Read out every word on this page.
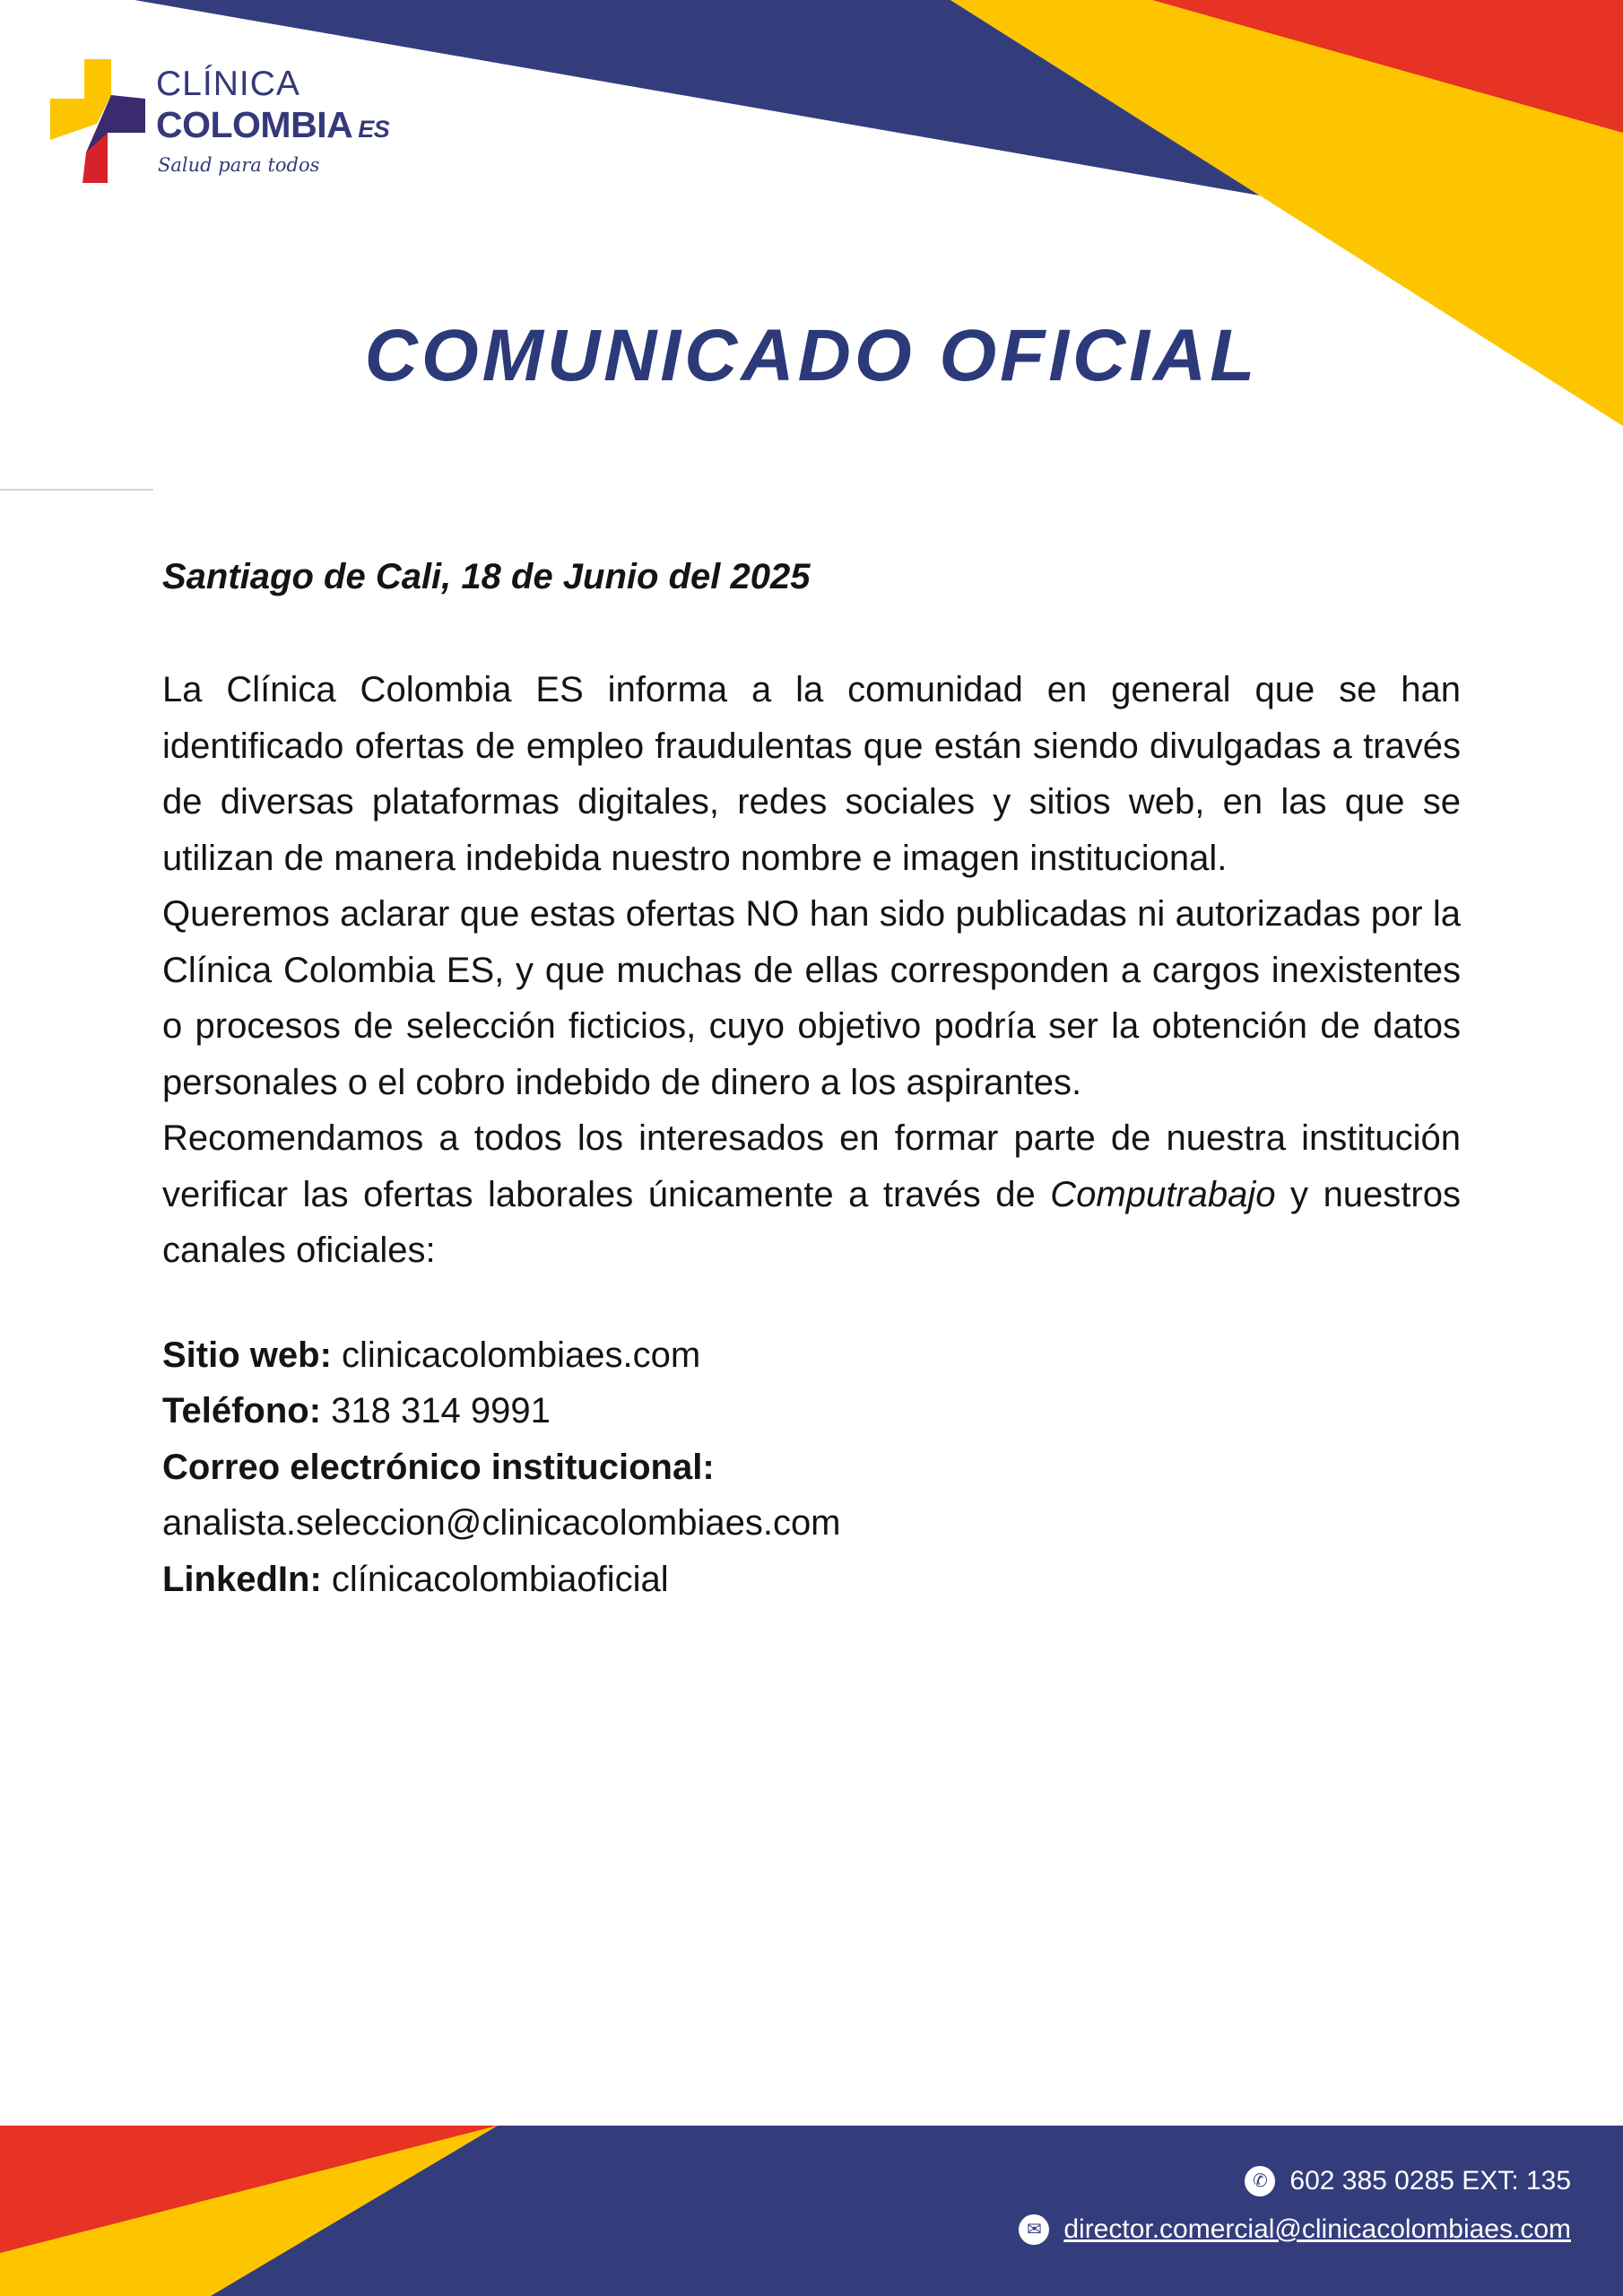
CLÍNICA
COLOMBIA ES
Salud para todos
COMUNICADO OFICIAL

Santiago de Cali, 18 de Junio del 2025

La Clínica Colombia ES informa a la comunidad en general que se han identificado ofertas de empleo fraudulentas que están siendo divulgadas a través de diversas plataformas digitales, redes sociales y sitios web, en las que se utilizan de manera indebida nuestro nombre e imagen institucional.

Queremos aclarar que estas ofertas NO han sido publicadas ni autorizadas por la Clínica Colombia ES, y que muchas de ellas corresponden a cargos inexistentes o procesos de selección ficticios, cuyo objetivo podría ser la obtención de datos personales o el cobro indebido de dinero a los aspirantes.

Recomendamos a todos los interesados en formar parte de nuestra institución verificar las ofertas laborales únicamente a través de Computrabajo y nuestros canales oficiales:

Sitio web: clinicacolombiaes.com
Teléfono: 318 314 9991
Correo electrónico institucional:
analista.seleccion@clinicacolombiaes.com
LinkedIn: clínicacolombiaoficial
✆ 602 385 0285 EXT: 135
✉ director.comercial@clinicacolombiaes.com
